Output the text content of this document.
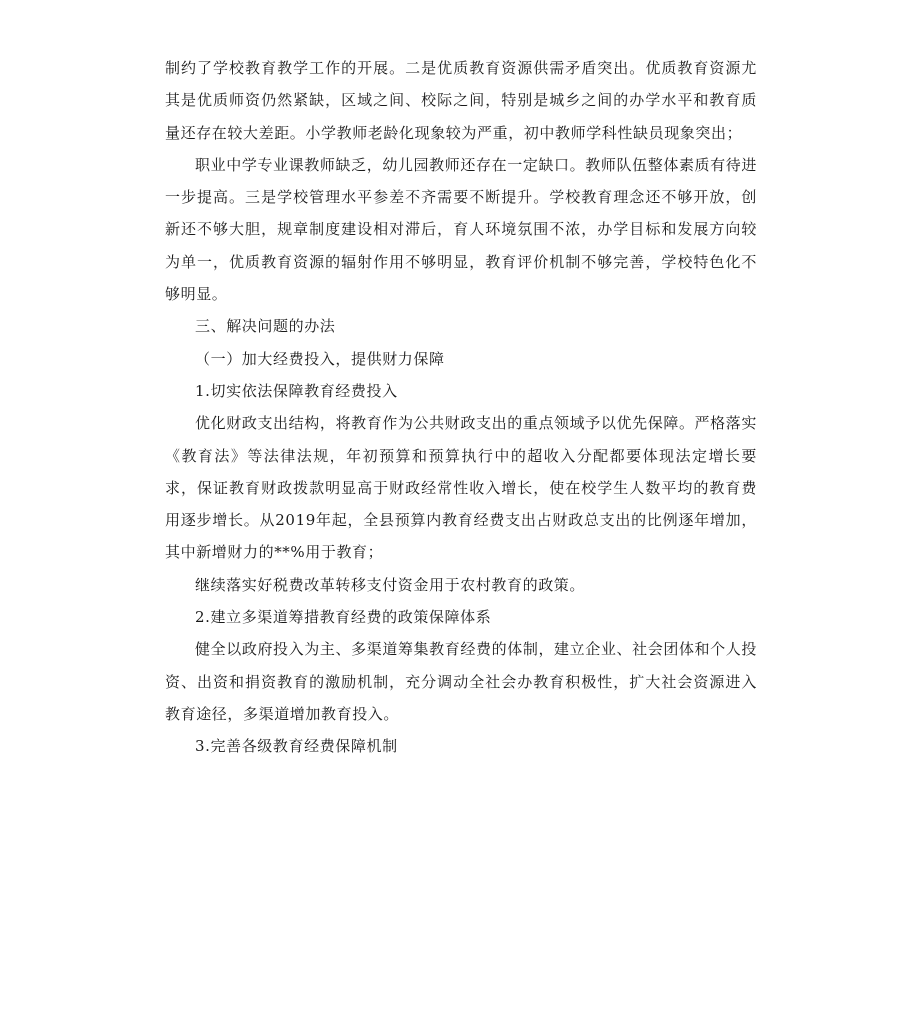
制约了学校教育教学工作的开展。二是优质教育资源供需矛盾突出。优质教育资源尤其是优质师资仍然紧缺，区域之间、校际之间，特别是城乡之间的办学水平和教育质量还存在较大差距。小学教师老龄化现象较为严重，初中教师学科性缺员现象突出；

职业中学专业课教师缺乏，幼儿园教师还存在一定缺口。教师队伍整体素质有待进一步提高。三是学校管理水平参差不齐需要不断提升。学校教育理念还不够开放，创新还不够大胆，规章制度建设相对滞后，育人环境氛围不浓，办学目标和发展方向较为单一，优质教育资源的辐射作用不够明显，教育评价机制不够完善，学校特色化不够明显。

三、解决问题的办法

（一）加大经费投入，提供财力保障

1.切实依法保障教育经费投入

优化财政支出结构，将教育作为公共财政支出的重点领域予以优先保障。严格落实《教育法》等法律法规，年初预算和预算执行中的超收入分配都要体现法定增长要求，保证教育财政拨款明显高于财政经常性收入增长，使在校学生人数平均的教育费用逐步增长。从2019年起，全县预算内教育经费支出占财政总支出的比例逐年增加，其中新增财力的**%用于教育；

继续落实好税费改革转移支付资金用于农村教育的政策。

2.建立多渠道筹措教育经费的政策保障体系

健全以政府投入为主、多渠道筹集教育经费的体制，建立企业、社会团体和个人投资、出资和捐资教育的激励机制，充分调动全社会办教育积极性，扩大社会资源进入教育途径，多渠道增加教育投入。

3.完善各级教育经费保障机制
